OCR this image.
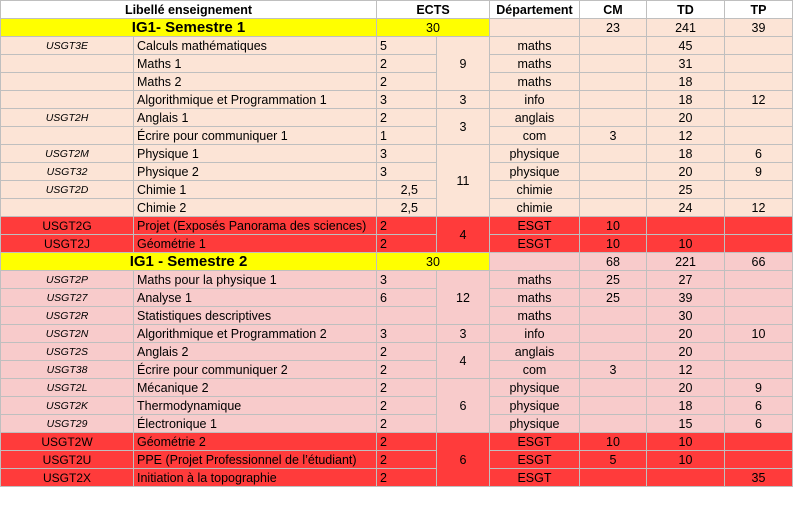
Libellé enseignement		ECTS		Département	CM	TD	TP
IG1- Semestre 1		30			23	241	39
USGT3E	Calculs mathématiques	5	9	maths		45	
	Maths 1	2		maths		31	
	Maths 2	2		maths		18	
	Algorithmique et Programmation 1	3	3	info		18	12
USGT2H	Anglais 1	2	3	anglais		20	
	Écrire pour communiquer 1	1		com	3	12	
USGT2M	Physique 1	3	11	physique		18	6
USGT32	Physique 2	3		physique		20	9
USGT2D	Chimie 1	2,5		chimie		25	
	Chimie 2	2,5		chimie		24	12
USGT2G	Projet (Exposés Panorama des sciences)	2	4	ESGT	10		
USGT2J	Géométrie 1	2		ESGT	10	10	
IG1 - Semestre 2		30			68	221	66
USGT2P	Maths pour la physique 1	3	12	maths	25	27	
USGT27	Analyse 1	6		maths	25	39	
USGT2R	Statistiques descriptives			maths		30	
USGT2N	Algorithmique et Programmation 2	3	3	info		20	10
USGT2S	Anglais 2	2	4	anglais		20	
USGT38	Écrire pour communiquer 2	2		com	3	12	
USGT2L	Mécanique 2	2	6	physique		20	9
USGT2K	Thermodynamique	2		physique		18	6
USGT29	Électronique 1	2		physique		15	6
USGT2W	Géométrie 2	2	6	ESGT	10	10	
USGT2U	PPE (Projet Professionnel de l’étudiant)	2		ESGT	5	10	
USGT2X	Initiation à la topographie	2		ESGT			35
